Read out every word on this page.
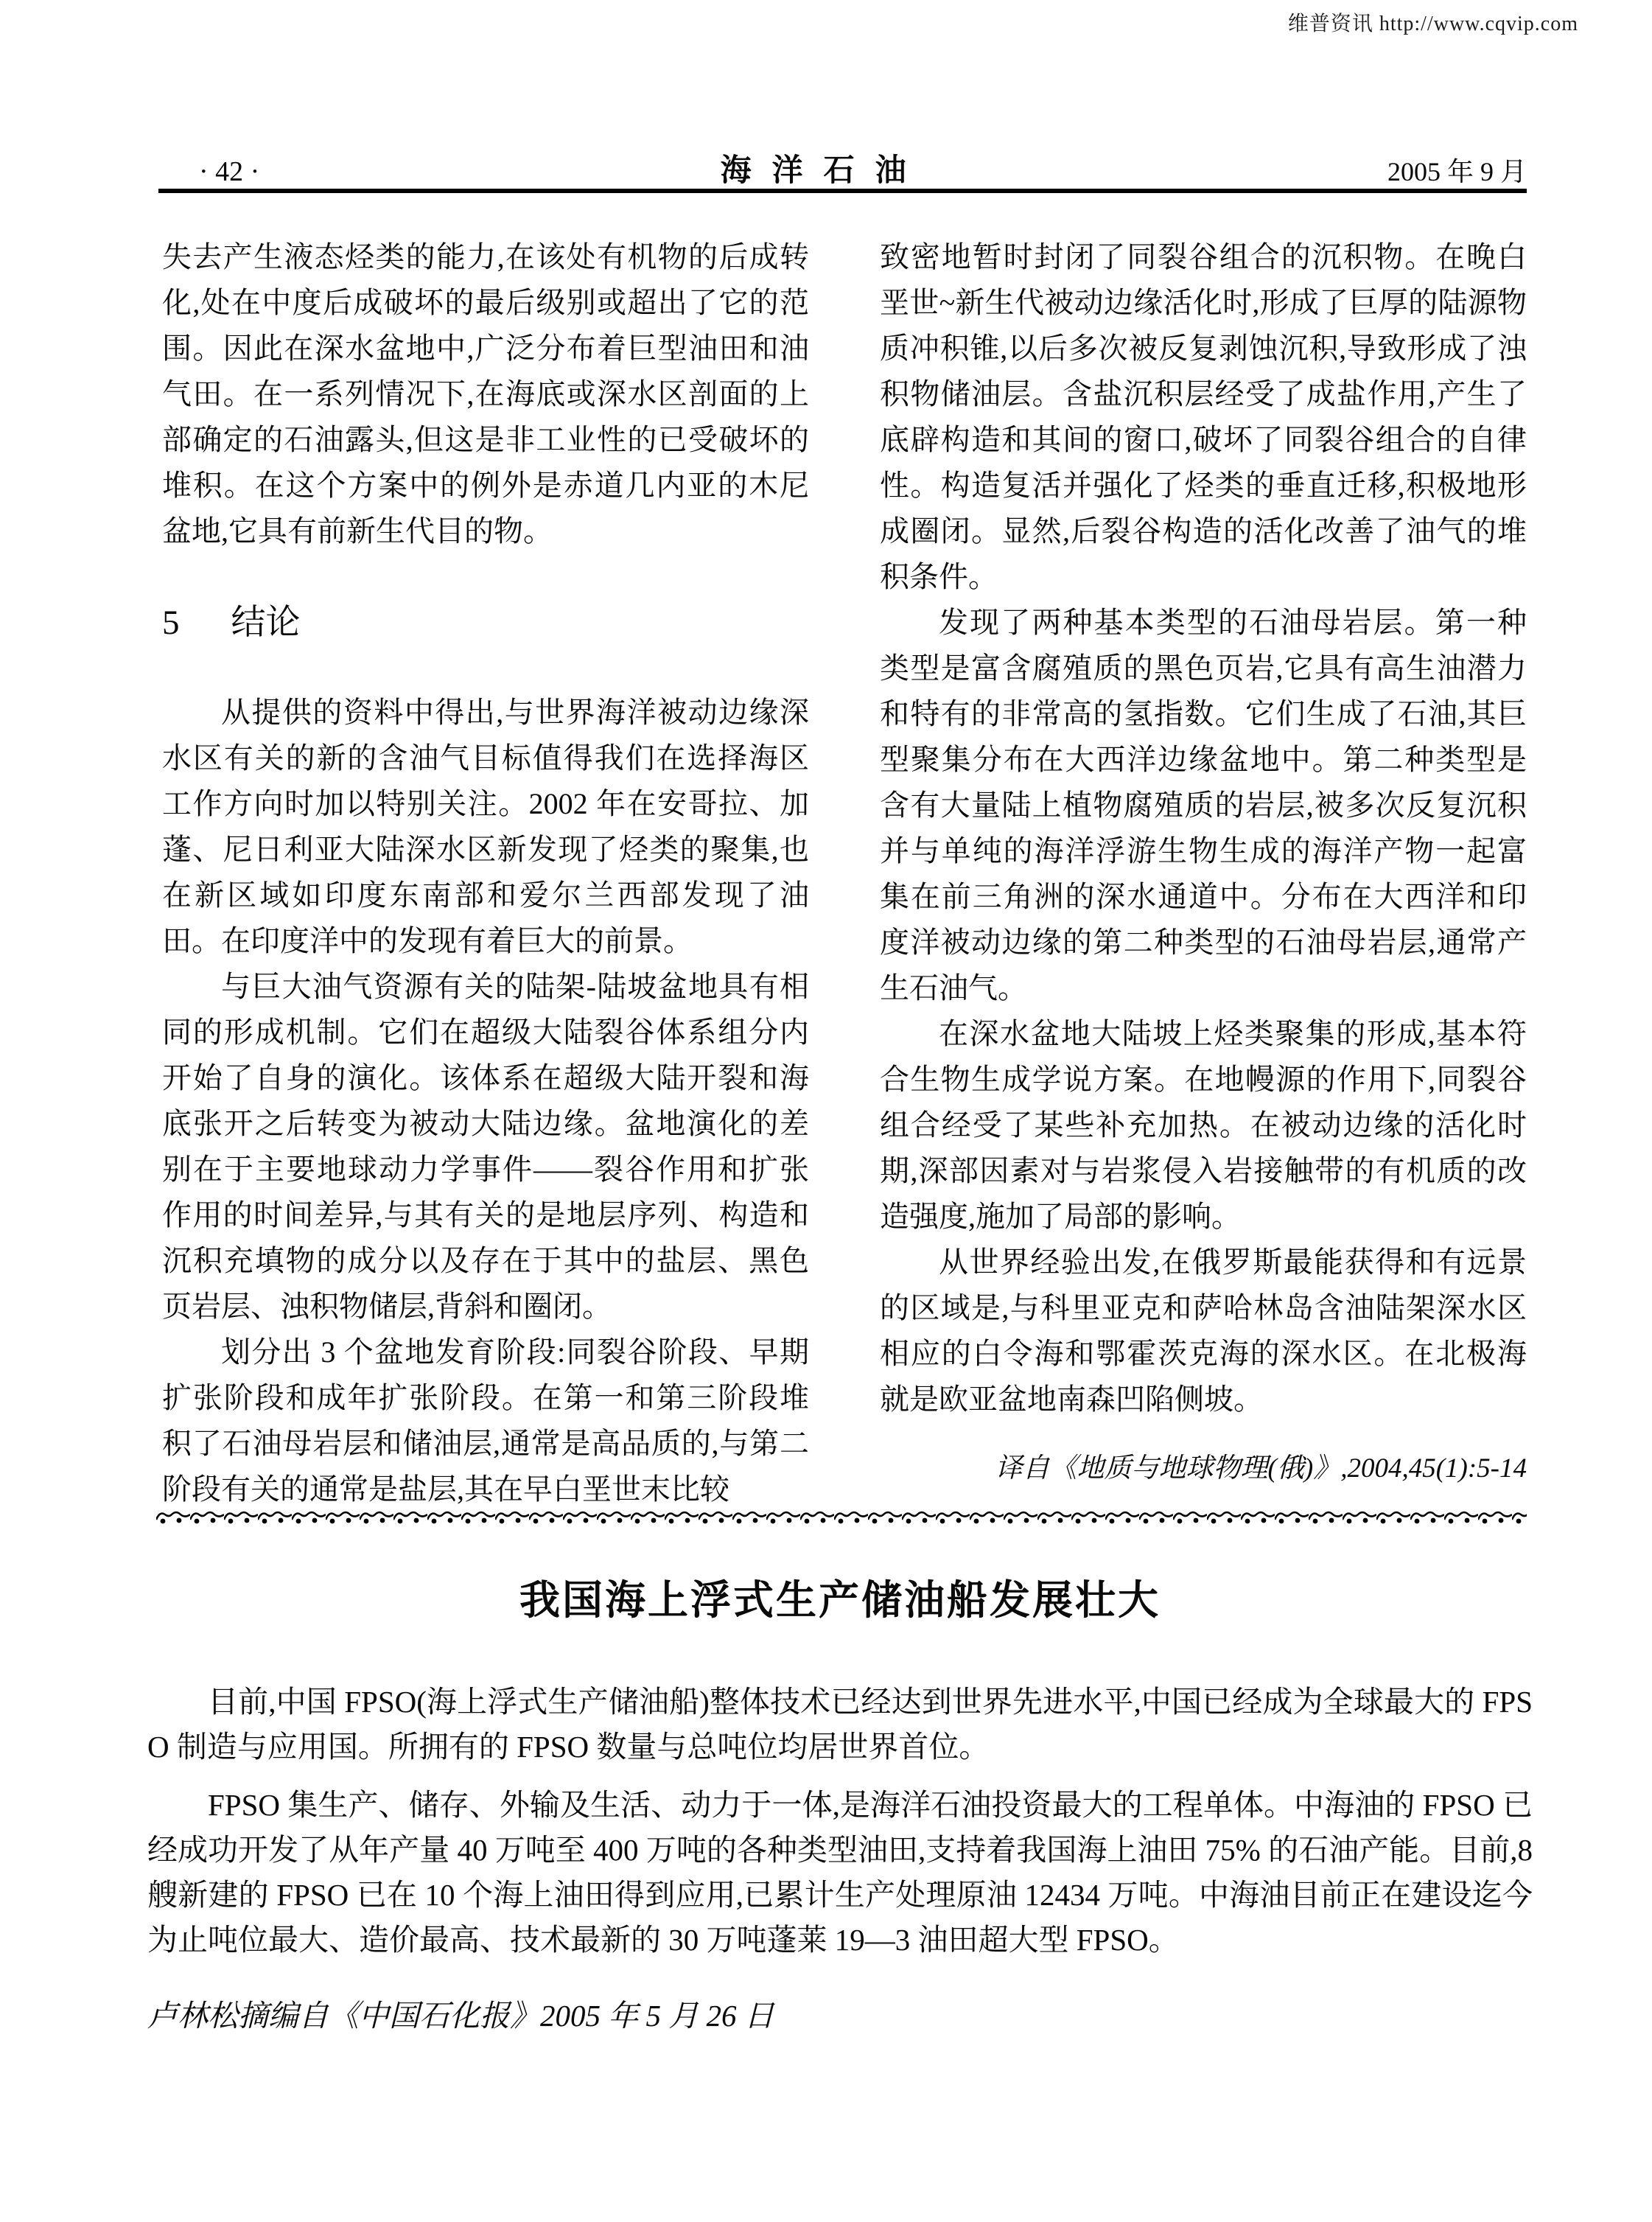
维普资讯 http://www.cqvip.com
· 42 ·	海洋石油	2005 年 9 月

失去产生液态烃类的能力,在该处有机物的后成转化,处在中度后成破坏的最后级别或超出了它的范围。因此在深水盆地中,广泛分布着巨型油田和油气田。在一系列情况下,在海底或深水区剖面的上部确定的石油露头,但这是非工业性的已受破坏的堆积。在这个方案中的例外是赤道几内亚的木尼盆地,它具有前新生代目的物。

5 结论

从提供的资料中得出,与世界海洋被动边缘深水区有关的新的含油气目标值得我们在选择海区工作方向时加以特别关注。2002 年在安哥拉、加蓬、尼日利亚大陆深水区新发现了烃类的聚集,也在新区域如印度东南部和爱尔兰西部发现了油田。在印度洋中的发现有着巨大的前景。

与巨大油气资源有关的陆架-陆坡盆地具有相同的形成机制。它们在超级大陆裂谷体系组分内开始了自身的演化。该体系在超级大陆开裂和海底张开之后转变为被动大陆边缘。盆地演化的差别在于主要地球动力学事件——裂谷作用和扩张作用的时间差异,与其有关的是地层序列、构造和沉积充填物的成分以及存在于其中的盐层、黑色页岩层、浊积物储层,背斜和圈闭。

划分出 3 个盆地发育阶段:同裂谷阶段、早期扩张阶段和成年扩张阶段。在第一和第三阶段堆积了石油母岩层和储油层,通常是高品质的,与第二阶段有关的通常是盐层,其在早白垩世末比较

致密地暂时封闭了同裂谷组合的沉积物。在晚白垩世~新生代被动边缘活化时,形成了巨厚的陆源物质冲积锥,以后多次被反复剥蚀沉积,导致形成了浊积物储油层。含盐沉积层经受了成盐作用,产生了底辟构造和其间的窗口,破坏了同裂谷组合的自律性。构造复活并强化了烃类的垂直迁移,积极地形成圈闭。显然,后裂谷构造的活化改善了油气的堆积条件。

发现了两种基本类型的石油母岩层。第一种类型是富含腐殖质的黑色页岩,它具有高生油潜力和特有的非常高的氢指数。它们生成了石油,其巨型聚集分布在大西洋边缘盆地中。第二种类型是含有大量陆上植物腐殖质的岩层,被多次反复沉积并与单纯的海洋浮游生物生成的海洋产物一起富集在前三角洲的深水通道中。分布在大西洋和印度洋被动边缘的第二种类型的石油母岩层,通常产生石油气。

在深水盆地大陆坡上烃类聚集的形成,基本符合生物生成学说方案。在地幔源的作用下,同裂谷组合经受了某些补充加热。在被动边缘的活化时期,深部因素对与岩浆侵入岩接触带的有机质的改造强度,施加了局部的影响。

从世界经验出发,在俄罗斯最能获得和有远景的区域是,与科里亚克和萨哈林岛含油陆架深水区相应的白令海和鄂霍茨克海的深水区。在北极海就是欧亚盆地南森凹陷侧坡。

译自《地质与地球物理(俄)》,2004,45(1):5-14

我国海上浮式生产储油船发展壮大

目前,中国 FPSO(海上浮式生产储油船)整体技术已经达到世界先进水平,中国已经成为全球最大的 FPSO 制造与应用国。所拥有的 FPSO 数量与总吨位均居世界首位。

FPSO 集生产、储存、外输及生活、动力于一体,是海洋石油投资最大的工程单体。中海油的 FPSO 已经成功开发了从年产量 40 万吨至 400 万吨的各种类型油田,支持着我国海上油田 75% 的石油产能。目前,8 艘新建的 FPSO 已在 10 个海上油田得到应用,已累计生产处理原油 12434 万吨。中海油目前正在建设迄今为止吨位最大、造价最高、技术最新的 30 万吨蓬莱 19—3 油田超大型 FPSO。

卢林松摘编自《中国石化报》2005 年 5 月 26 日
